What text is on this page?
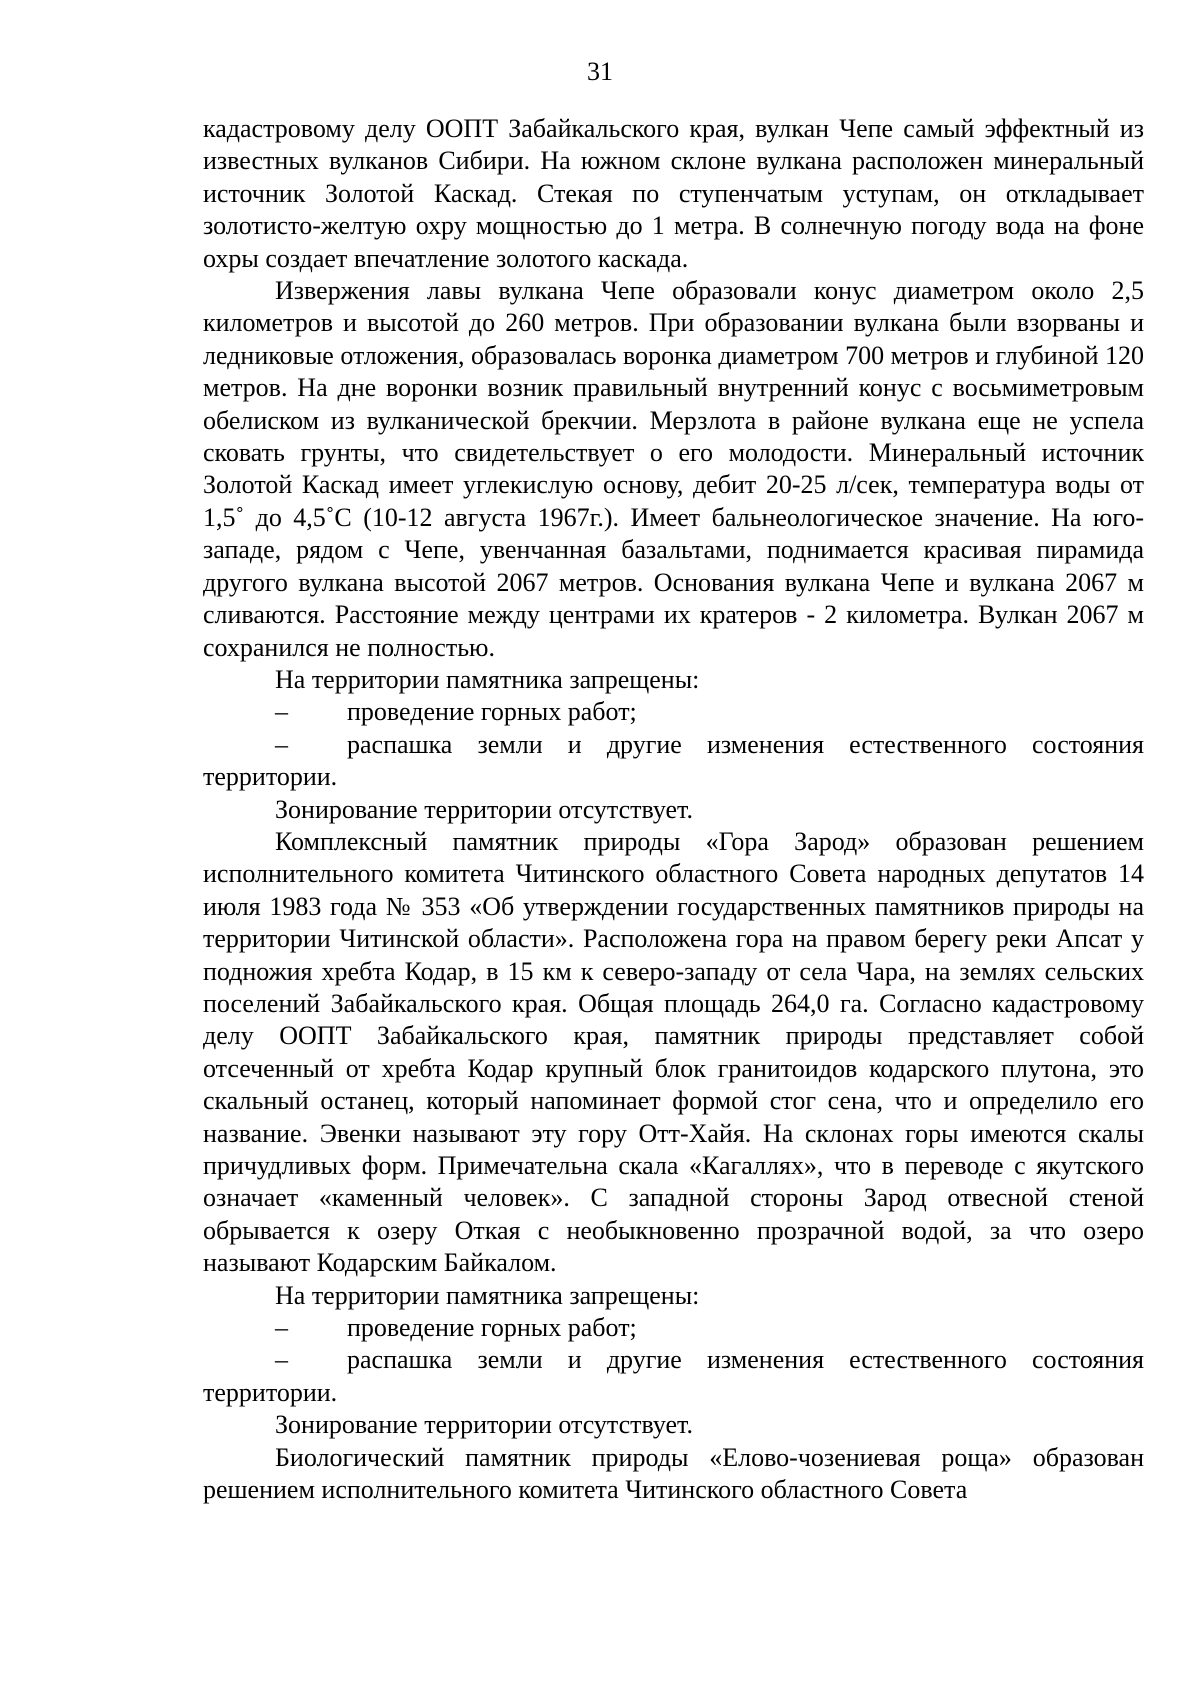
31

кадастровому делу ООПТ Забайкальского края, вулкан Чепе самый эффектный из известных вулканов Сибири. На южном склоне вулкана расположен минеральный источник Золотой Каскад. Стекая по ступенчатым уступам, он откладывает золотисто-желтую охру мощностью до 1 метра. В солнечную погоду вода на фоне охры создает впечатление золотого каскада.

Извержения лавы вулкана Чепе образовали конус диаметром около 2,5 километров и высотой до 260 метров. При образовании вулкана были взорваны и ледниковые отложения, образовалась воронка диаметром 700 метров и глубиной 120 метров. На дне воронки возник правильный внутренний конус с восьмиметровым обелиском из вулканической брекчии. Мерзлота в районе вулкана еще не успела сковать грунты, что свидетельствует о его молодости. Минеральный источник Золотой Каскад имеет углекислую основу, дебит 20-25 л/сек, температура воды от 1,5˚ до 4,5˚С (10-12 августа 1967г.). Имеет бальнеологическое значение. На юго-западе, рядом с Чепе, увенчанная базальтами, поднимается красивая пирамида другого вулкана высотой 2067 метров. Основания вулкана Чепе и вулкана 2067 м сливаются. Расстояние между центрами их кратеров - 2 километра. Вулкан 2067 м сохранился не полностью.

На территории памятника запрещены:

– проведение горных работ;

– распашка земли и другие изменения естественного состояния территории.

Зонирование территории отсутствует.

Комплексный памятник природы «Гора Зарод» образован решением исполнительного комитета Читинского областного Совета народных депутатов 14 июля 1983 года № 353 «Об утверждении государственных памятников природы на территории Читинской области». Расположена гора на правом берегу реки Апсат у подножия хребта Кодар, в 15 км к северо-западу от села Чара, на землях сельских поселений Забайкальского края. Общая площадь 264,0 га. Согласно кадастровому делу ООПТ Забайкальского края, памятник природы представляет собой отсеченный от хребта Кодар крупный блок гранитоидов кодарского плутона, это скальный останец, который напоминает формой стог сена, что и определило его название. Эвенки называют эту гору Отт-Хайя. На склонах горы имеются скалы причудливых форм. Примечательна скала «Кагаллях», что в переводе с якутского означает «каменный человек». С западной стороны Зарод отвесной стеной обрывается к озеру Откая с необыкновенно прозрачной водой, за что озеро называют Кодарским Байкалом.

На территории памятника запрещены:

– проведение горных работ;

– распашка земли и другие изменения естественного состояния территории.

Зонирование территории отсутствует.

Биологический памятник природы «Елово-чозениевая роща» образован решением исполнительного комитета Читинского областного Совета
